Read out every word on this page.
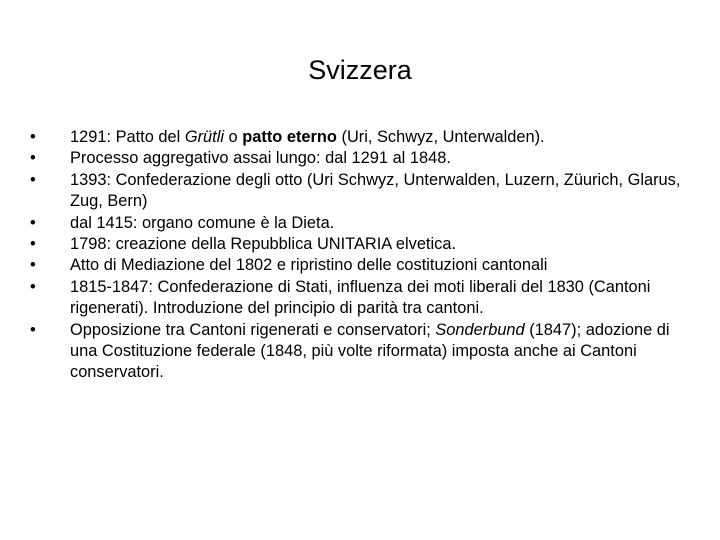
Svizzera
• 1291: Patto del Grütli o patto eterno (Uri, Schwyz, Unterwalden).
• Processo aggregativo assai lungo: dal 1291 al 1848.
• 1393: Confederazione degli otto (Uri Schwyz, Unterwalden, Luzern, Züurich, Glarus, Zug, Bern)
• dal 1415: organo comune è la Dieta.
• 1798: creazione della Repubblica UNITARIA elvetica.
• Atto di Mediazione del 1802 e ripristino delle costituzioni cantonali
• 1815-1847: Confederazione di Stati, influenza dei moti liberali del 1830 (Cantoni rigenerati). Introduzione del principio di parità tra cantoni.
• Opposizione tra Cantoni rigenerati e conservatori; Sonderbund (1847); adozione di una Costituzione federale (1848, più volte riformata) imposta anche ai Cantoni conservatori.
